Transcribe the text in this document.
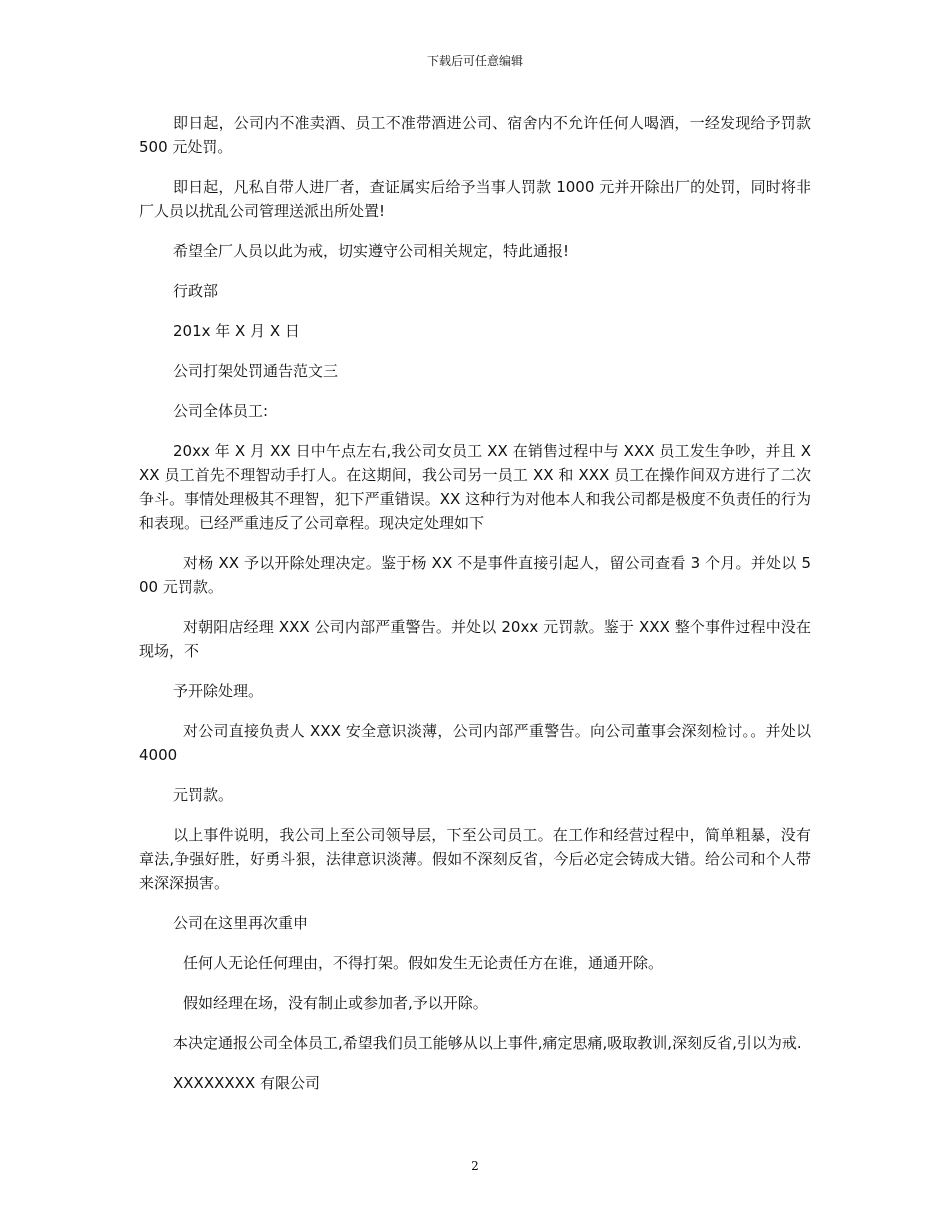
下载后可任意编辑

即日起，公司内不准卖酒、员工不准带酒进公司、宿舍内不允许任何人喝酒，一经发现给予罚款 500 元处罚。

即日起，凡私自带人进厂者，查证属实后给予当事人罚款 1000 元并开除出厂的处罚，同时将非厂人员以扰乱公司管理送派出所处置!

希望全厂人员以此为戒，切实遵守公司相关规定，特此通报!

行政部

201x 年 X 月 X 日

公司打架处罚通告范文三

公司全体员工:

20xx 年 X 月 XX 日中午点左右,我公司女员工 XX 在销售过程中与 XXX 员工发生争吵，并且 XXX 员工首先不理智动手打人。在这期间，我公司另一员工 XX 和 XXX 员工在操作间双方进行了二次争斗。事情处理极其不理智，犯下严重错误。XX 这种行为对他本人和我公司都是极度不负责任的行为和表现。已经严重违反了公司章程。现决定处理如下

对杨 XX 予以开除处理决定。鉴于杨 XX 不是事件直接引起人，留公司查看 3 个月。并处以 500 元罚款。

对朝阳店经理 XXX 公司内部严重警告。并处以 20xx 元罚款。鉴于 XXX 整个事件过程中没在现场，不

予开除处理。

对公司直接负责人 XXX 安全意识淡薄，公司内部严重警告。向公司董事会深刻检讨。。并处以 4000

元罚款。

以上事件说明，我公司上至公司领导层，下至公司员工。在工作和经营过程中，简单粗暴，没有章法,争强好胜，好勇斗狠，法律意识淡薄。假如不深刻反省，今后必定会铸成大错。给公司和个人带来深深损害。

公司在这里再次重申

任何人无论任何理由，不得打架。假如发生无论责任方在谁，通通开除。

假如经理在场，没有制止或参加者,予以开除。

本决定通报公司全体员工,希望我们员工能够从以上事件,痛定思痛,吸取教训,深刻反省,引以为戒.

XXXXXXXX 有限公司

2
